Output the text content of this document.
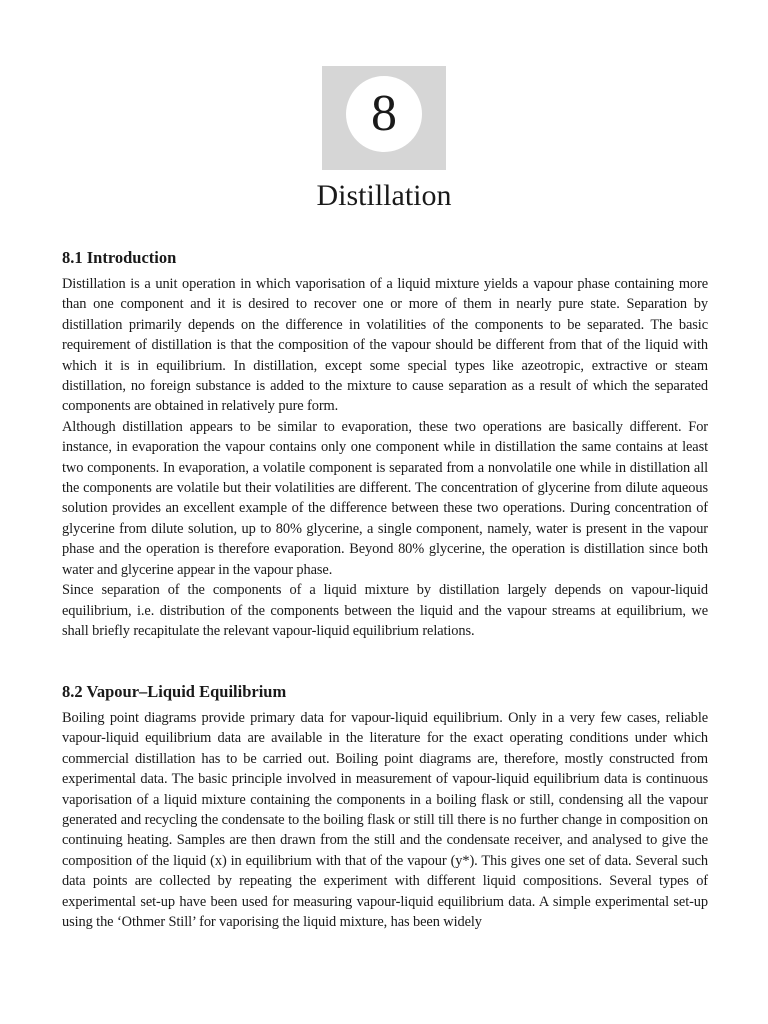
8
Distillation
8.1 Introduction

Distillation is a unit operation in which vaporisation of a liquid mixture yields a vapour phase containing more than one component and it is desired to recover one or more of them in nearly pure state. Separation by distillation primarily depends on the difference in volatilities of the components to be separated. The basic requirement of distillation is that the composition of the vapour should be different from that of the liquid with which it is in equilibrium. In distillation, except some special types like azeotropic, extractive or steam distillation, no foreign substance is added to the mixture to cause separation as a result of which the separated components are obtained in relatively pure form.

Although distillation appears to be similar to evaporation, these two operations are basically different. For instance, in evaporation the vapour contains only one component while in distillation the same contains at least two components. In evaporation, a volatile component is separated from a nonvolatile one while in distillation all the components are volatile but their volatilities are different. The concentration of glycerine from dilute aqueous solution provides an excellent example of the difference between these two operations. During concentration of glycerine from dilute solution, up to 80% glycerine, a single component, namely, water is present in the vapour phase and the operation is therefore evaporation. Beyond 80% glycerine, the operation is distillation since both water and glycerine appear in the vapour phase.

Since separation of the components of a liquid mixture by distillation largely depends on vapour-liquid equilibrium, i.e. distribution of the components between the liquid and the vapour streams at equilibrium, we shall briefly recapitulate the relevant vapour-liquid equilibrium relations.

8.2 Vapour–Liquid Equilibrium

Boiling point diagrams provide primary data for vapour-liquid equilibrium. Only in a very few cases, reliable vapour-liquid equilibrium data are available in the literature for the exact operating conditions under which commercial distillation has to be carried out. Boiling point diagrams are, therefore, mostly constructed from experimental data. The basic principle involved in measurement of vapour-liquid equilibrium data is continuous vaporisation of a liquid mixture containing the components in a boiling flask or still, condensing all the vapour generated and recycling the condensate to the boiling flask or still till there is no further change in composition on continuing heating. Samples are then drawn from the still and the condensate receiver, and analysed to give the composition of the liquid (x) in equilibrium with that of the vapour (y*). This gives one set of data. Several such data points are collected by repeating the experiment with different liquid compositions. Several types of experimental set-up have been used for measuring vapour-liquid equilibrium data. A simple experimental set-up using the ‘Othmer Still’ for vaporising the liquid mixture, has been widely
